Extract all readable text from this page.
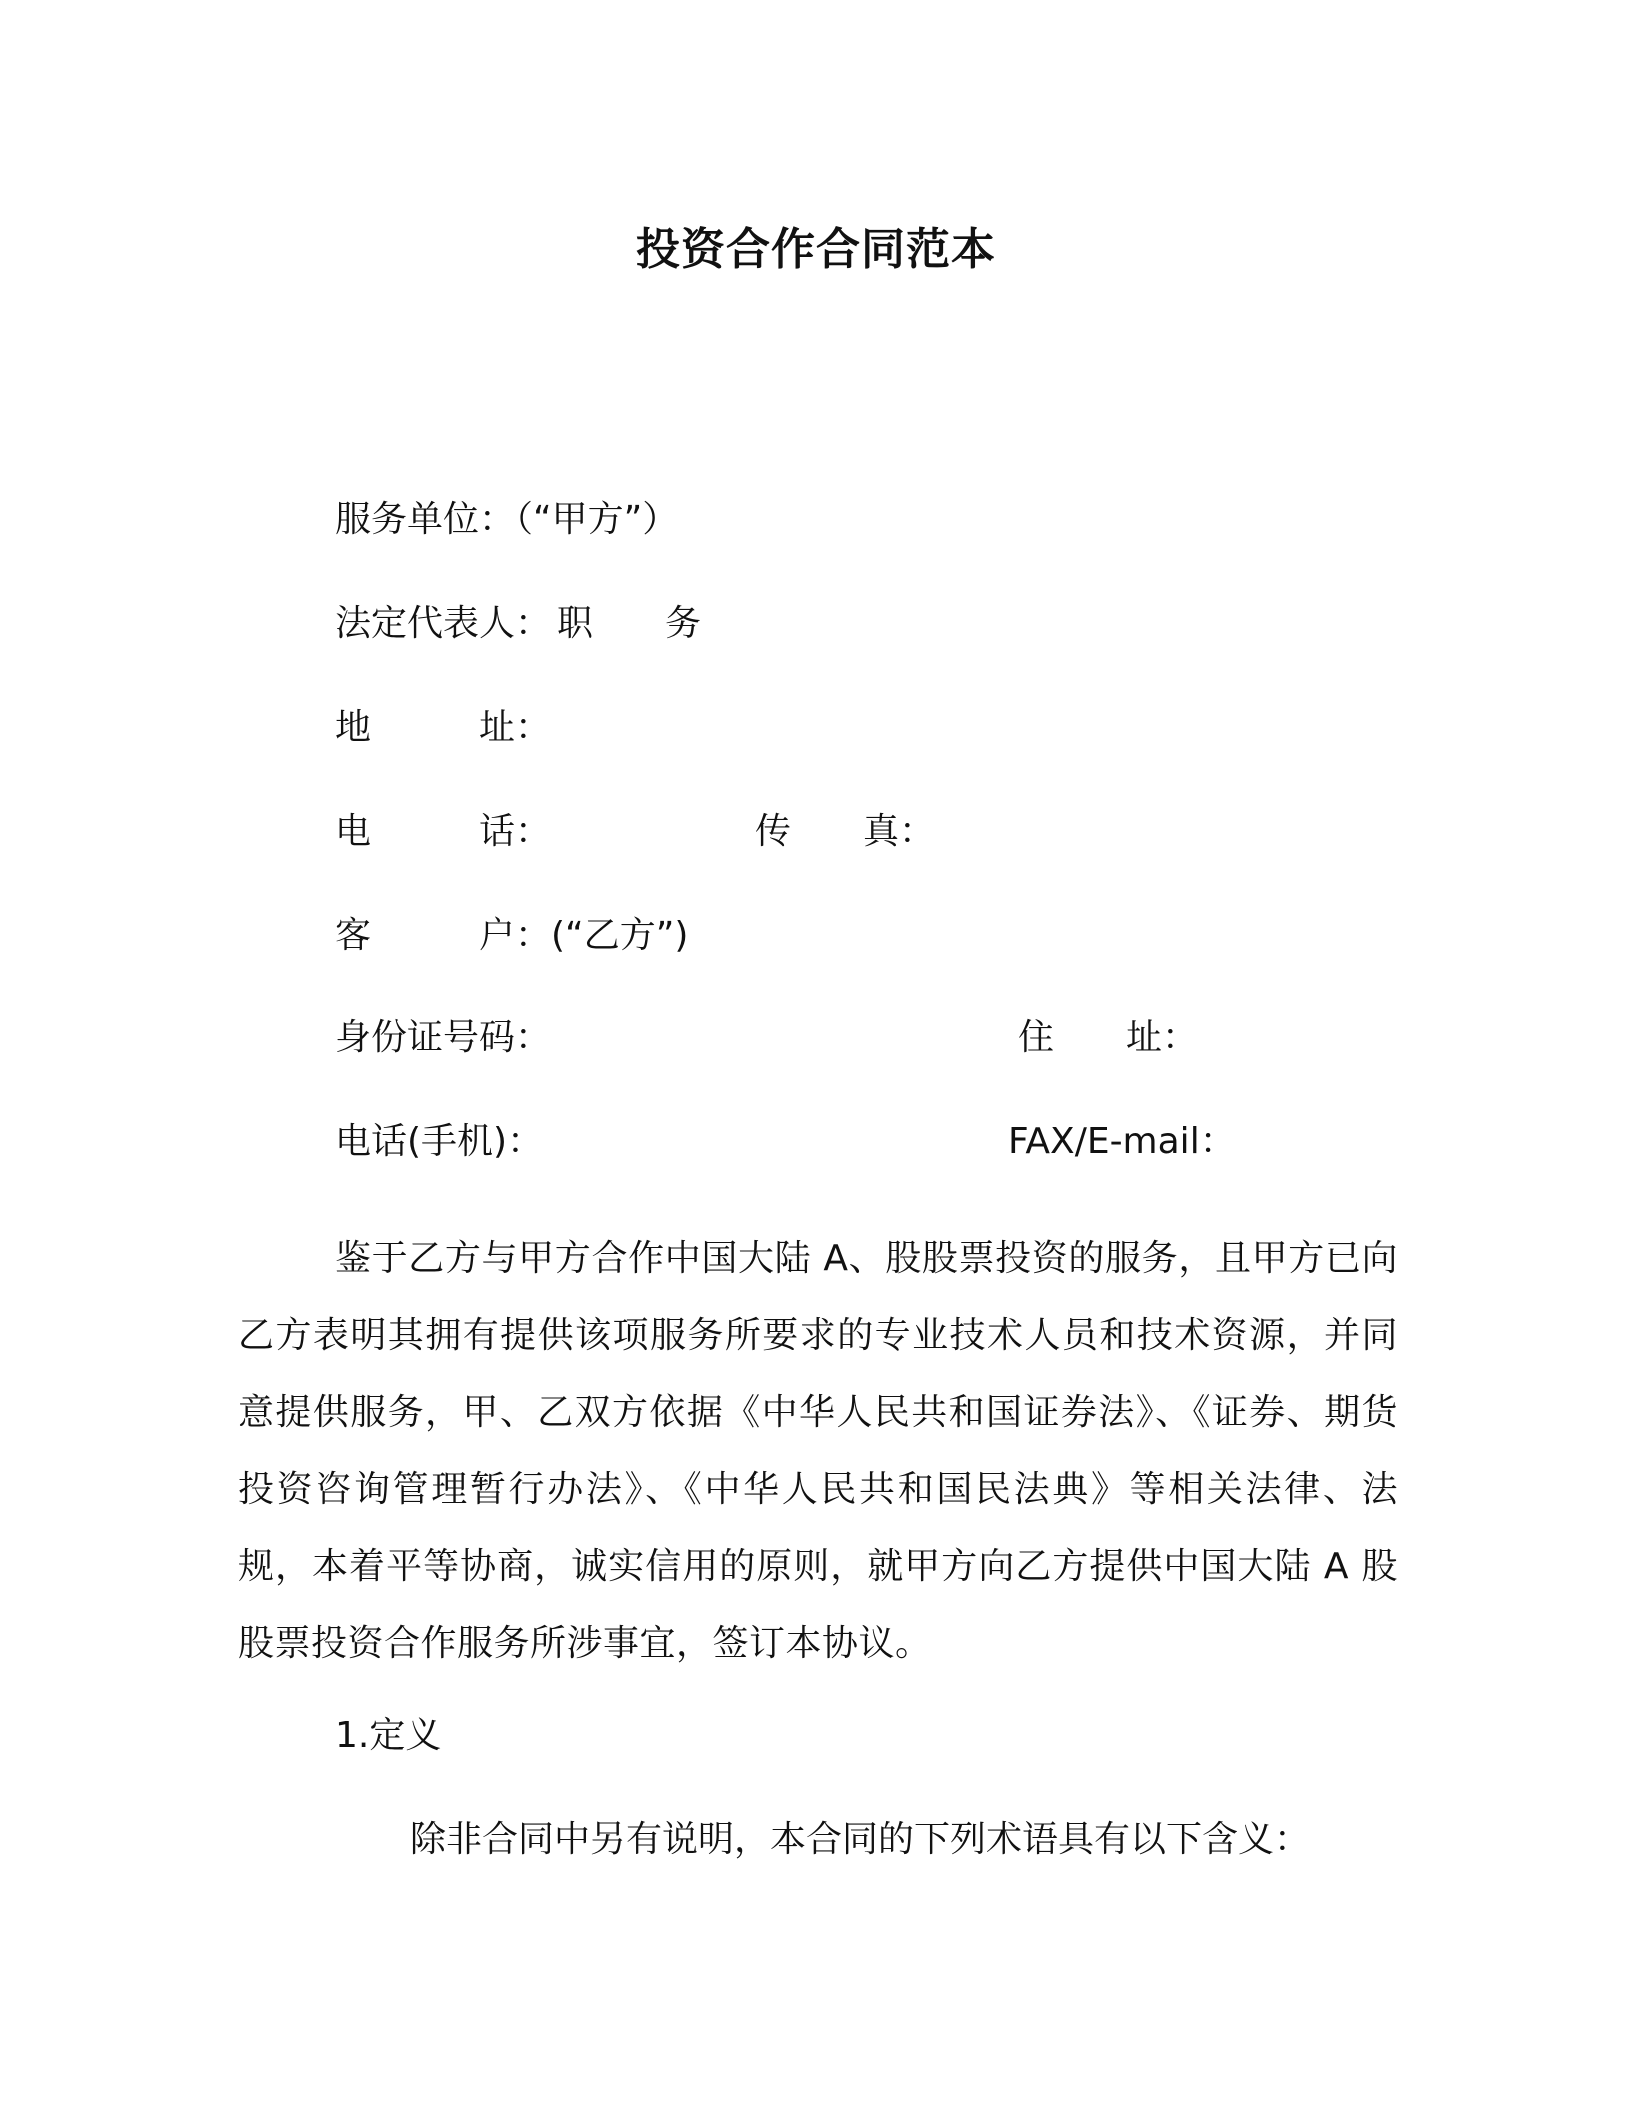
投资合作合同范本
服务单位：（“甲方”）
法定代表人： 职　　务
地　　　址：
电　　　话：	传　　真：
客　　　户：(“乙方”)
身份证号码：	住　　址：
电话(手机)：	FAX/E-mail：
鉴于乙方与甲方合作中国大陆 A、股股票投资的服务，且甲方已向乙方表明其拥有提供该项服务所要求的专业技术人员和技术资源，并同意提供服务，甲、乙双方依据《中华人民共和国证券法》、《证券、期货投资咨询管理暂行办法》、《中华人民共和国民法典》等相关法律、法规，本着平等协商，诚实信用的原则，就甲方向乙方提供中国大陆 A 股股票投资合作服务所涉事宜，签订本协议。
1.定义
除非合同中另有说明，本合同的下列术语具有以下含义：
